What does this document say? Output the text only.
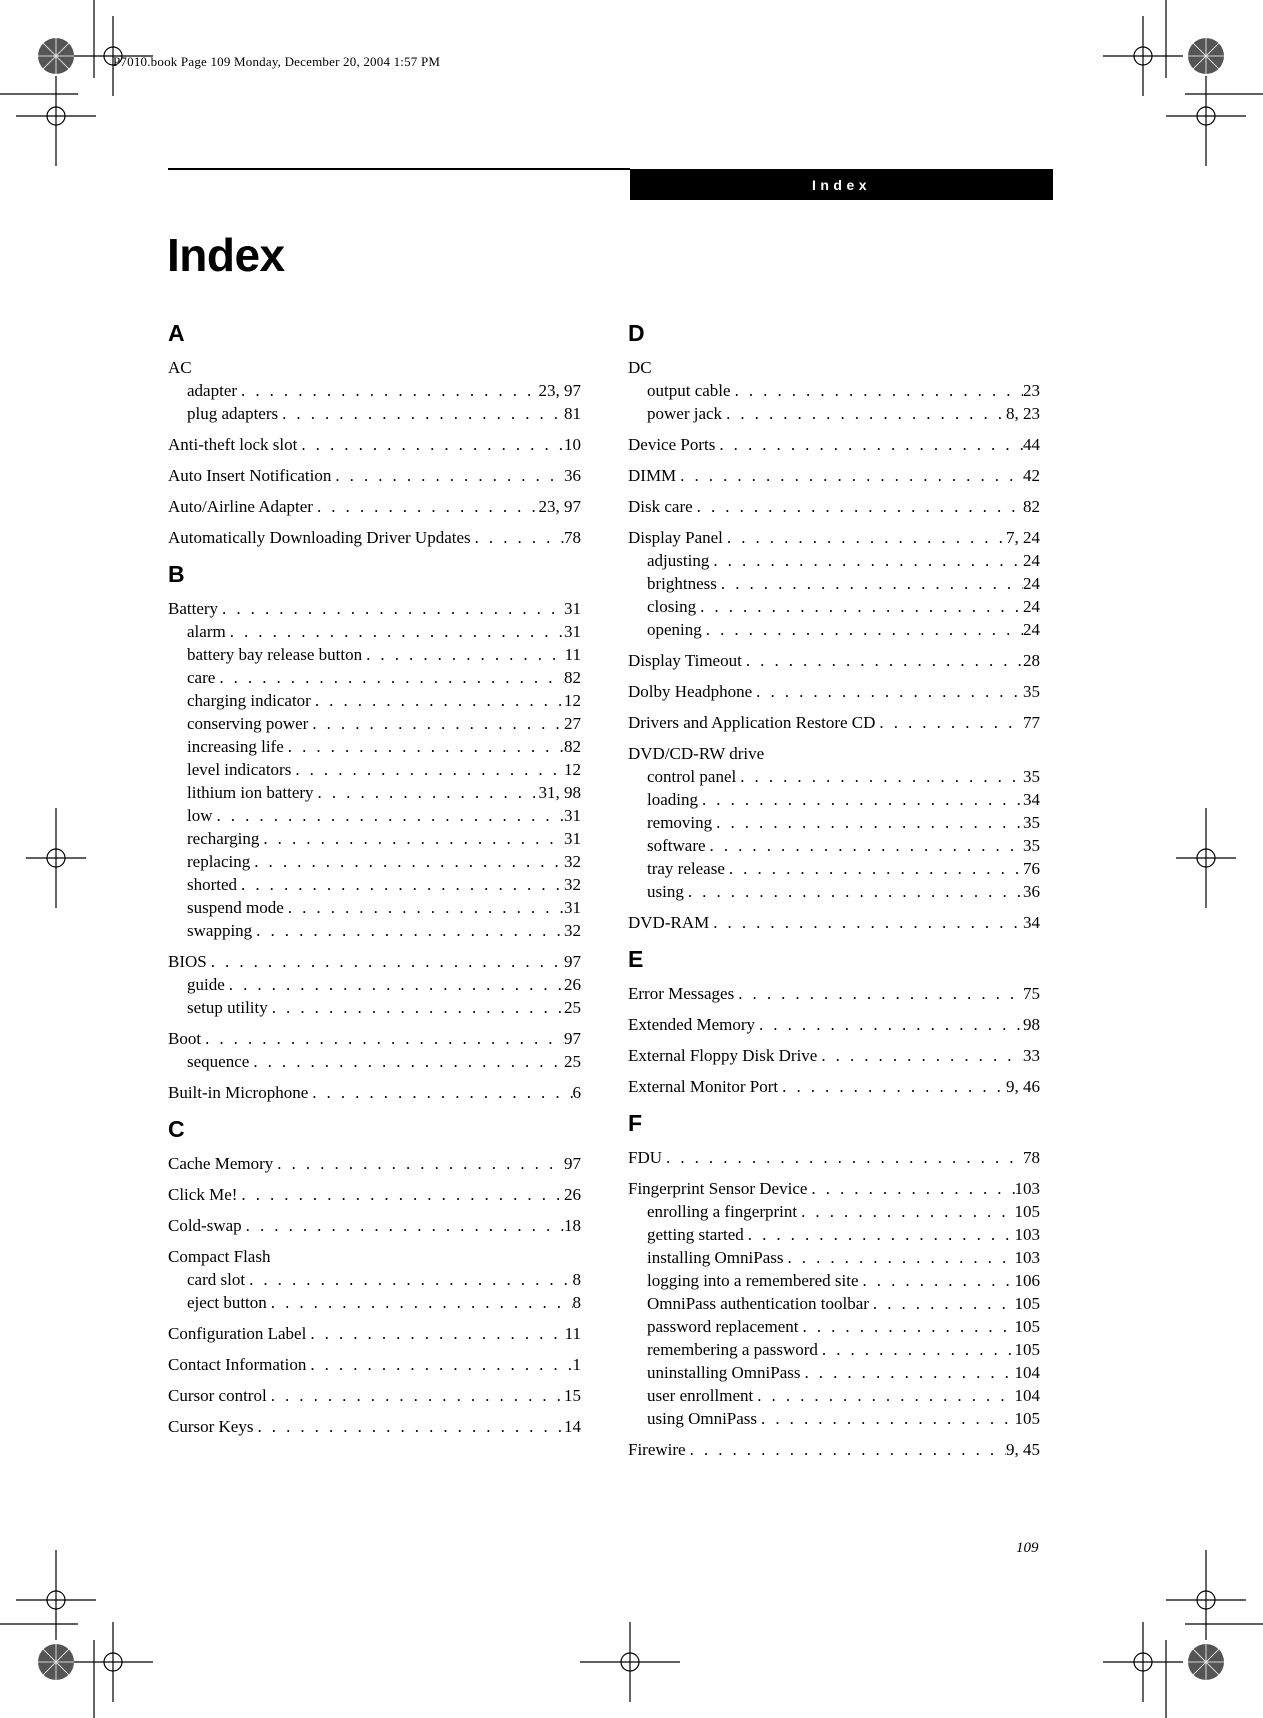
P7010.book Page 109 Monday, December 20, 2004 1:57 PM
Index
Index
A
AC
adapter . . .	23, 97
plug adapters . . .	81
Anti-theft lock slot . . .	10
Auto Insert Notification . . .	36
Auto/Airline Adapter . . .	23, 97
Automatically Downloading Driver Updates . . .	78
B
Battery . . .	31
alarm . . .	31
battery bay release button . . .	11
care . . .	82
charging indicator . . .	12
conserving power . . .	27
increasing life . . .	82
level indicators . . .	12
lithium ion battery . . .	31, 98
low . . .	31
recharging . . .	31
replacing . . .	32
shorted . . .	32
suspend mode . . .	31
swapping . . .	32
BIOS . . .	97
guide . . .	26
setup utility . . .	25
Boot . . .	97
sequence . . .	25
Built-in Microphone . . .	6
C
Cache Memory . . .	97
Click Me! . . .	26
Cold-swap . . .	18
Compact Flash
card slot . . .	8
eject button . . .	8
Configuration Label . . .	11
Contact Information . . .	1
Cursor control . . .	15
Cursor Keys . . .	14
D
DC
output cable . . .	23
power jack . . .	8, 23
Device Ports . . .	44
DIMM . . .	42
Disk care . . .	82
Display Panel . . .	7, 24
adjusting . . .	24
brightness . . .	24
closing . . .	24
opening . . .	24
Display Timeout . . .	28
Dolby Headphone . . .	35
Drivers and Application Restore CD . . .	77
DVD/CD-RW drive
control panel . . .	35
loading . . .	34
removing . . .	35
software . . .	35
tray release . . .	76
using . . .	36
DVD-RAM . . .	34
E
Error Messages . . .	75
Extended Memory . . .	98
External Floppy Disk Drive . . .	33
External Monitor Port . . .	9, 46
F
FDU . . .	78
Fingerprint Sensor Device . . .	103
enrolling a fingerprint . . .	105
getting started . . .	103
installing OmniPass . . .	103
logging into a remembered site . . .	106
OmniPass authentication toolbar . . .	105
password replacement . . .	105
remembering a password . . .	105
uninstalling OmniPass . . .	104
user enrollment . . .	104
using OmniPass . . .	105
Firewire . . .	9, 45
109
